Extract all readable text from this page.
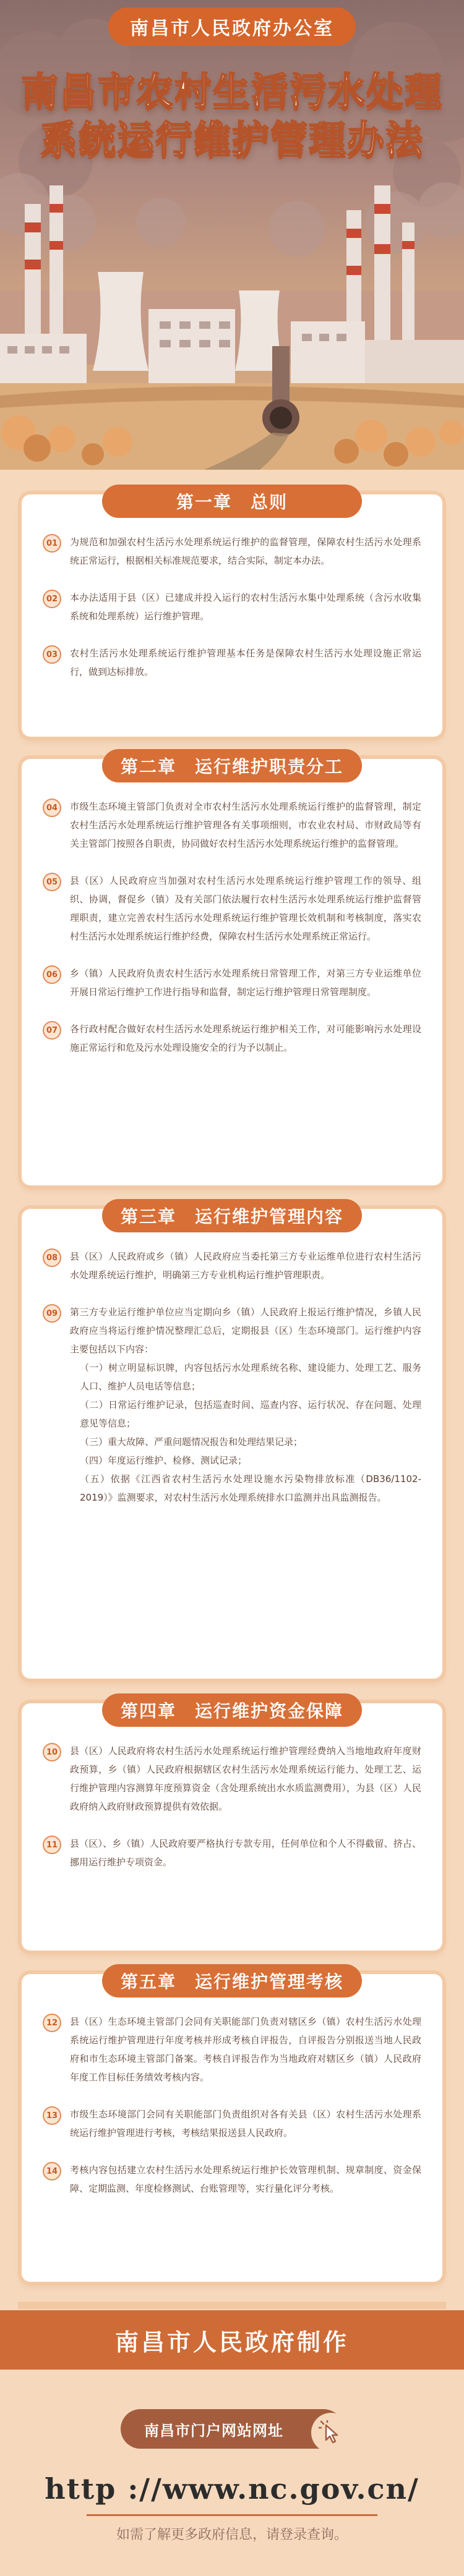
南昌市人民政府办公室
南昌市农村生活污水处理
系统运行维护管理办法
第一章　总则
01	为规范和加强农村生活污水处理系统运行维护的监督管理，保障农村生活污水处理系统正常运行，根据相关标准规范要求，结合实际，制定本办法。

02	本办法适用于县（区）已建成并投入运行的农村生活污水集中处理系统（含污水收集系统和处理系统）运行维护管理。

03	农村生活污水处理系统运行维护管理基本任务是保障农村生活污水处理设施正常运行，做到达标排放。

第二章　运行维护职责分工
04	市级生态环境主管部门负责对全市农村生活污水处理系统运行维护的监督管理，制定农村生活污水处理系统运行维护管理各有关事项细则，市农业农村局、市财政局等有关主管部门按照各自职责，协同做好农村生活污水处理系统运行维护的监督管理。

05	县（区）人民政府应当加强对农村生活污水处理系统运行维护管理工作的领导、组织、协调，督促乡（镇）及有关部门依法履行农村生活污水处理系统运行维护监督管理职责，建立完善农村生活污水处理系统运行维护管理长效机制和考核制度，落实农村生活污水处理系统运行维护经费，保障农村生活污水处理系统正常运行。

06	乡（镇）人民政府负责农村生活污水处理系统日常管理工作，对第三方专业运维单位开展日常运行维护工作进行指导和监督，制定运行维护管理日常管理制度。

07	各行政村配合做好农村生活污水处理系统运行维护相关工作，对可能影响污水处理设施正常运行和危及污水处理设施安全的行为予以制止。

第三章　运行维护管理内容
08	县（区）人民政府或乡（镇）人民政府应当委托第三方专业运维单位进行农村生活污水处理系统运行维护，明确第三方专业机构运行维护管理职责。

09	第三方专业运行维护单位应当定期向乡（镇）人民政府上报运行维护情况，乡镇人民政府应当将运行维护情况整理汇总后，定期报县（区）生态环境部门。运行维护内容主要包括以下内容：

（一）树立明显标识牌，内容包括污水处理系统名称、建设能力、处理工艺、服务人口、维护人员电话等信息；

（二）日常运行维护记录，包括巡查时间、巡查内容、运行状况、存在问题、处理意见等信息；

（三）重大故障、严重问题情况报告和处理结果记录；

（四）年度运行维护、检修、测试记录；

（五）依据《江西省农村生活污水处理设施水污染物排放标准（DB36/1102-2019）》监测要求，对农村生活污水处理系统排水口监测并出具监测报告。

第四章　运行维护资金保障
10	县（区）人民政府将农村生活污水处理系统运行维护管理经费纳入当地地政府年度财政预算，乡（镇）人民政府根据辖区农村生活污水处理系统运行能力、处理工艺、运行维护管理内容测算年度预算资金（含处理系统出水水质监测费用），为县（区）人民政府纳入政府财政预算提供有效依据。

11	县（区）、乡（镇）人民政府要严格执行专款专用，任何单位和个人不得截留、挤占、挪用运行维护专项资金。

第五章　运行维护管理考核
12	县（区）生态环境主管部门会同有关职能部门负责对辖区乡（镇）农村生活污水处理系统运行维护管理进行年度考核并形成考核自评报告，自评报告分别报送当地人民政府和市生态环境主管部门备案。考核自评报告作为当地政府对辖区乡（镇）人民政府年度工作目标任务绩效考核内容。

13	市级生态环境部门会同有关职能部门负责组织对各有关县（区）农村生活污水处理系统运行维护管理进行考核，考核结果报送县人民政府。

14	考核内容包括建立农村生活污水处理系统运行维护长效管理机制、规章制度、资金保障、定期监测、年度检修测试、台账管理等，实行量化评分考核。

南昌市人民政府制作
南昌市门户网站网址
http ://www.nc.gov.cn/
如需了解更多政府信息，请登录查询。
